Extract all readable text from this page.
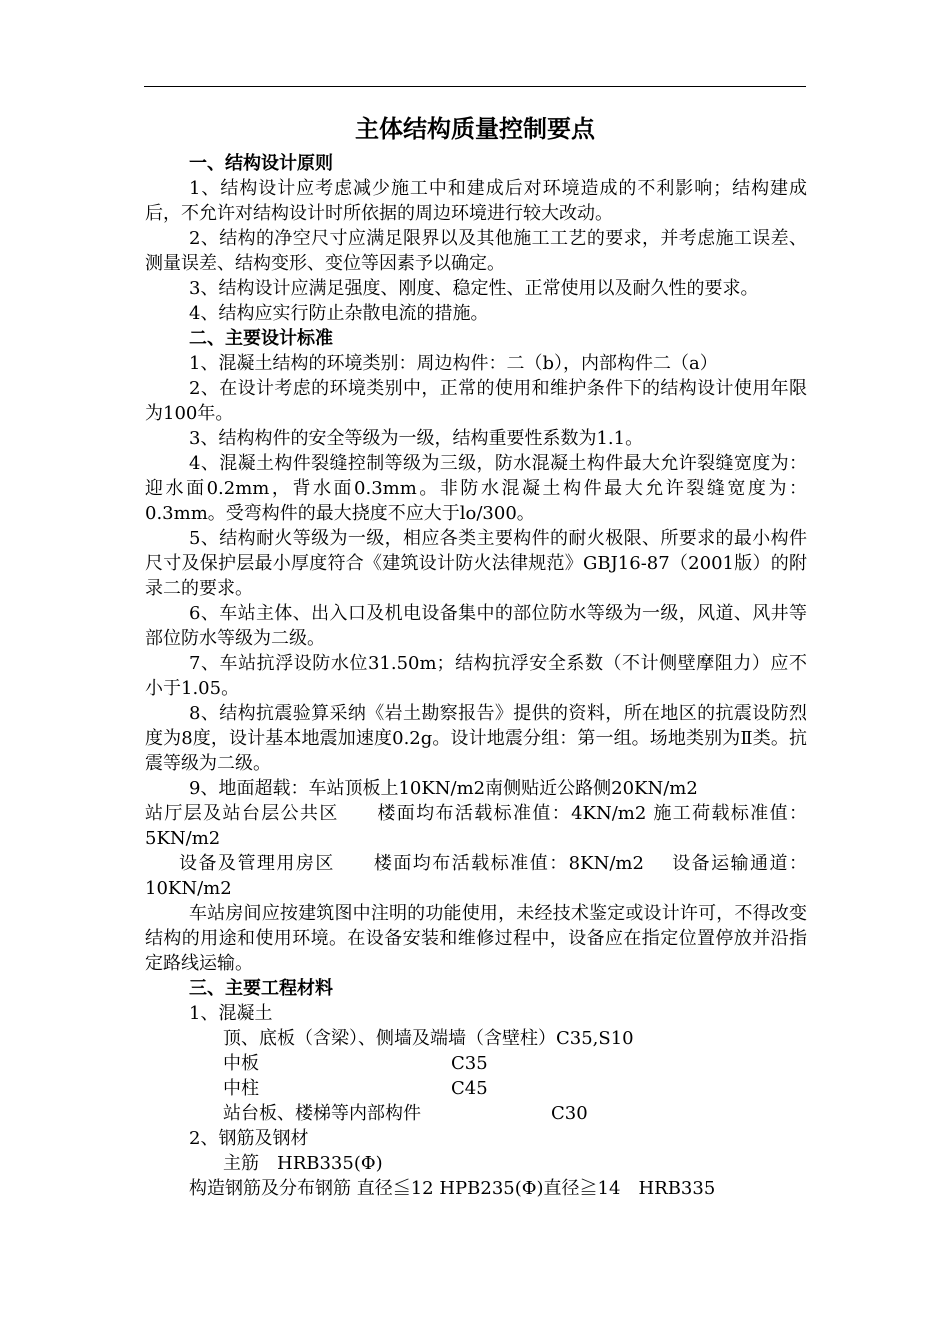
主体结构质量控制要点
一、结构设计原则

1、结构设计应考虑减少施工中和建成后对环境造成的不利影响；结构建成后，不允许对结构设计时所依据的周边环境进行较大改动。

2、结构的净空尺寸应满足限界以及其他施工工艺的要求，并考虑施工误差、测量误差、结构变形、变位等因素予以确定。

3、结构设计应满足强度、刚度、稳定性、正常使用以及耐久性的要求。

4、结构应实行防止杂散电流的措施。

二、主要设计标准

1、混凝土结构的环境类别：周边构件：二（b），内部构件二（a）

2、在设计考虑的环境类别中，正常的使用和维护条件下的结构设计使用年限为100年。

3、结构构件的安全等级为一级，结构重要性系数为1.1。

4、混凝土构件裂缝控制等级为三级，防水混凝土构件最大允许裂缝宽度为：迎水面0.2mm，背水面0.3mm。非防水混凝土构件最大允许裂缝宽度为：0.3mm。受弯构件的最大挠度不应大于lo/300。

5、结构耐火等级为一级，相应各类主要构件的耐火极限、所要求的最小构件尺寸及保护层最小厚度符合《建筑设计防火法律规范》GBJ16-87（2001版）的附录二的要求。

6、车站主体、出入口及机电设备集中的部位防水等级为一级，风道、风井等部位防水等级为二级。

7、车站抗浮设防水位31.50m；结构抗浮安全系数（不计侧壁摩阻力）应不小于1.05。

8、结构抗震验算采纳《岩土勘察报告》提供的资料，所在地区的抗震设防烈度为8度，设计基本地震加速度0.2g。设计地震分组：第一组。场地类别为Ⅱ类。抗震等级为二级。

9、地面超载：车站顶板上10KN/m2南侧贴近公路侧20KN/m2

站厅层及站台层公共区　　楼面均布活载标准值：4KN/m2 施工荷载标准值：5KN/m2

设备及管理用房区　　楼面均布活载标准值：8KN/m2　 设备运输通道：10KN/m2

车站房间应按建筑图中注明的功能使用，未经技术鉴定或设计许可，不得改变结构的用途和使用环境。在设备安装和维修过程中，设备应在指定位置停放并沿指定路线运输。

三、主要工程材料
1、混凝土
顶、底板（含梁）、侧墙及端墙（含壁柱）C35,S10
中板	C35
中柱	C45
站台板、楼梯等内部构件	C30
2、钢筋及钢材
主筋　HRB335(Φ)
构造钢筋及分布钢筋 直径≦12 HPB235(Φ)直径≧14　HRB335
